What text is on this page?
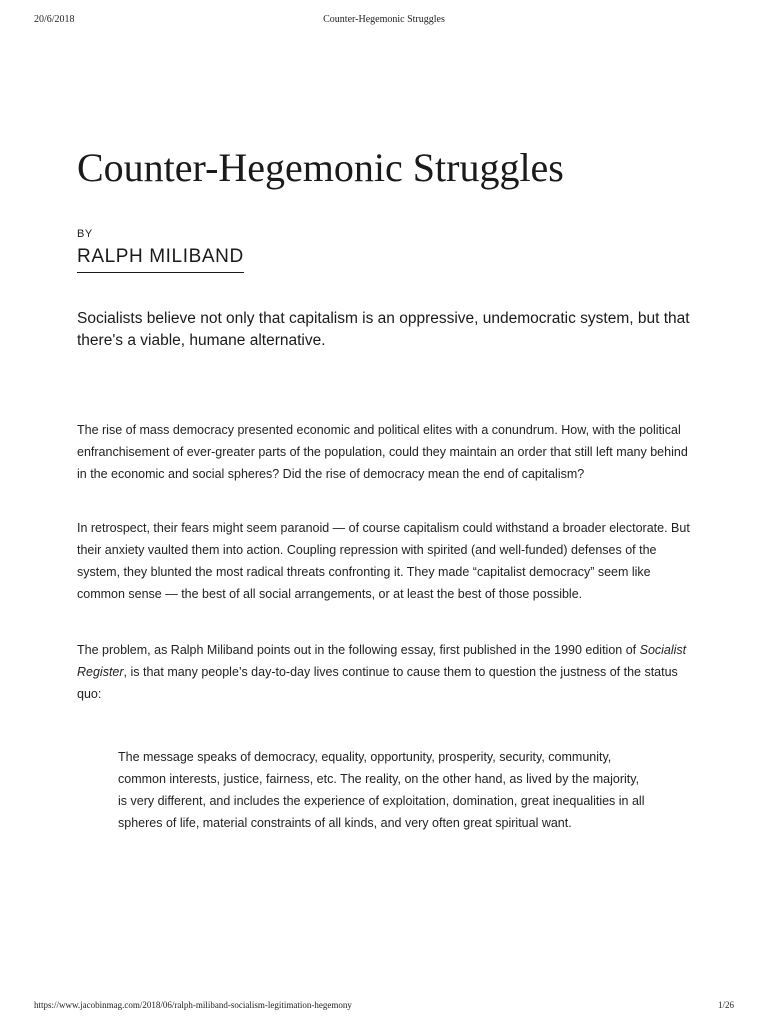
20/6/2018	Counter-Hegemonic Struggles
Counter-Hegemonic Struggles
BY
RALPH MILIBAND
Socialists believe not only that capitalism is an oppressive, undemocratic system, but that there's a viable, humane alternative.

The rise of mass democracy presented economic and political elites with a conundrum. How, with the political enfranchisement of ever-greater parts of the population, could they maintain an order that still left many behind in the economic and social spheres? Did the rise of democracy mean the end of capitalism?

In retrospect, their fears might seem paranoid — of course capitalism could withstand a broader electorate. But their anxiety vaulted them into action. Coupling repression with spirited (and well-funded) defenses of the system, they blunted the most radical threats confronting it. They made “capitalist democracy” seem like common sense — the best of all social arrangements, or at least the best of those possible.

The problem, as Ralph Miliband points out in the following essay, first published in the 1990 edition of Socialist Register, is that many people’s day-to-day lives continue to cause them to question the justness of the status quo:

The message speaks of democracy, equality, opportunity, prosperity, security, community, common interests, justice, fairness, etc. The reality, on the other hand, as lived by the majority, is very different, and includes the experience of exploitation, domination, great inequalities in all spheres of life, material constraints of all kinds, and very often great spiritual want.
https://www.jacobinmag.com/2018/06/ralph-miliband-socialism-legitimation-hegemony	1/26
